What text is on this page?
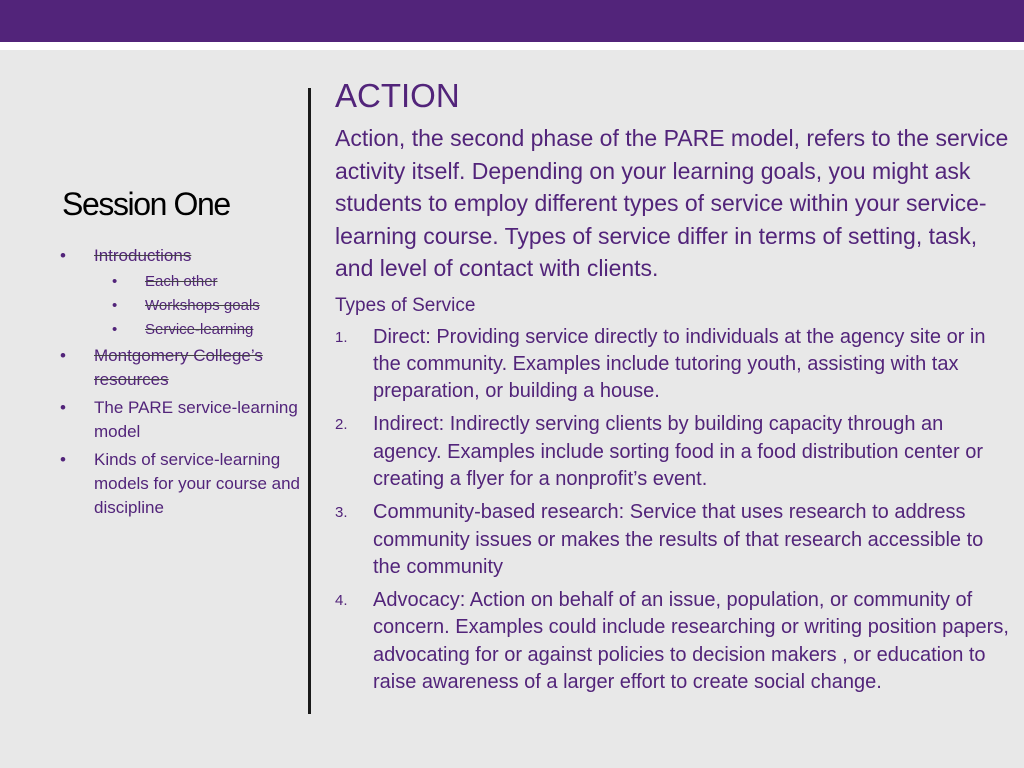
Session One
• Introductions
• Each other
• Workshops goals
• Service-learning
• Montgomery College’s resources
• The PARE service-learning model
• Kinds of service-learning models for your course and discipline
ACTION
Action, the second phase of the PARE model, refers to the service activity itself. Depending on your learning goals, you might ask students to employ different types of service within your service-learning course. Types of service differ in terms of setting, task, and level of contact with clients.
Types of Service
1. Direct: Providing service directly to individuals at the agency site or in the community. Examples include tutoring youth, assisting with tax preparation, or building a house.
2. Indirect: Indirectly serving clients by building capacity through an agency. Examples include sorting food in a food distribution center or creating a flyer for a nonprofit’s event.
3. Community-based research: Service that uses research to address community issues or makes the results of that research accessible to the community
4. Advocacy: Action on behalf of an issue, population, or community of concern. Examples could include researching or writing position papers, advocating for or against policies to decision makers , or education to raise awareness of a larger effort to create social change.
